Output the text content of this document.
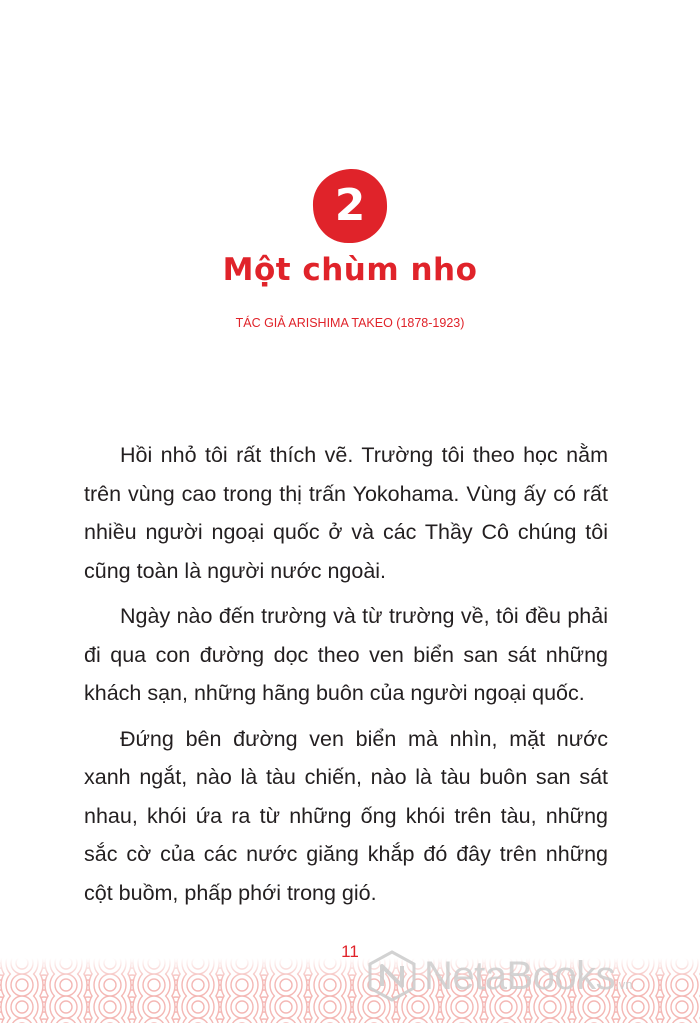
2
Một chùm nho
TÁC GIẢ ARISHIMA TAKEO (1878-1923)

Hồi nhỏ tôi rất thích vẽ. Trường tôi theo học nằm trên vùng cao trong thị trấn Yokohama. Vùng ấy có rất nhiều người ngoại quốc ở và các Thầy Cô chúng tôi cũng toàn là người nước ngoài.

Ngày nào đến trường và từ trường về, tôi đều phải đi qua con đường dọc theo ven biển san sát những khách sạn, những hãng buôn của người ngoại quốc.

Đứng bên đường ven biển mà nhìn, mặt nước xanh ngắt, nào là tàu chiến, nào là tàu buôn san sát nhau, khói ứa ra từ những ống khói trên tàu, những sắc cờ của các nước giăng khắp đó đây trên những cột buồm, phấp phới trong gió.

11
NetaBooks.vn
